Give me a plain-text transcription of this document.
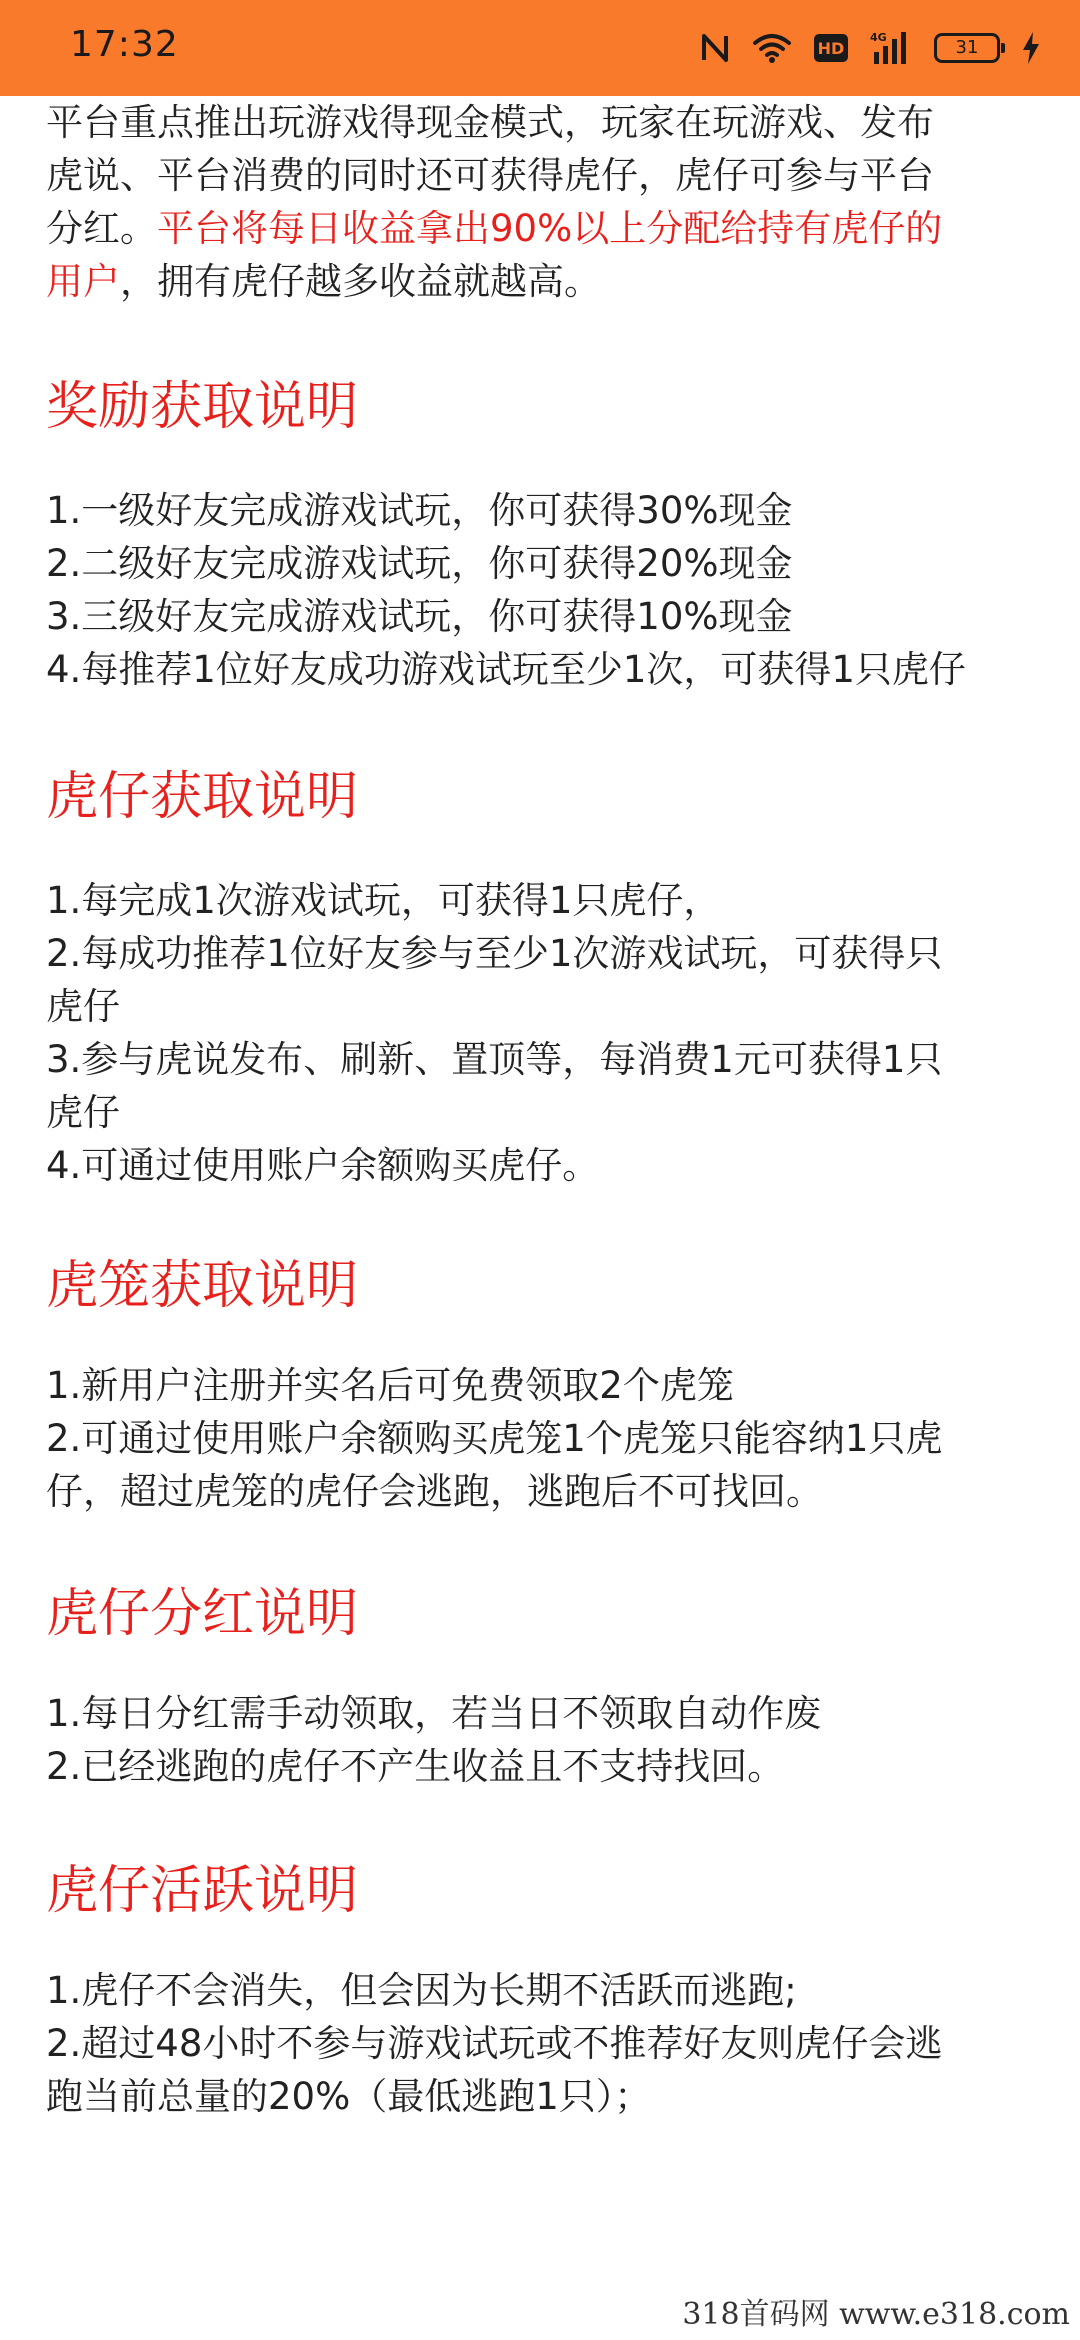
17:32	HD
4G	31

平台重点推出玩游戏得现金模式，玩家在玩游戏、发布

虎说、平台消费的同时还可获得虎仔，虎仔可参与平台

分红。平台将每日收益拿出90%以上分配给持有虎仔的

用户，拥有虎仔越多收益就越高。

奖励获取说明

1.一级好友完成游戏试玩，你可获得30%现金

2.二级好友完成游戏试玩，你可获得20%现金

3.三级好友完成游戏试玩，你可获得10%现金

4.每推荐1位好友成功游戏试玩至少1次，可获得1只虎仔

虎仔获取说明

1.每完成1次游戏试玩，可获得1只虎仔，

2.每成功推荐1位好友参与至少1次游戏试玩，可获得只

虎仔

3.参与虎说发布、刷新、置顶等，每消费1元可获得1只

虎仔

4.可通过使用账户余额购买虎仔。

虎笼获取说明

1.新用户注册并实名后可免费领取2个虎笼

2.可通过使用账户余额购买虎笼1个虎笼只能容纳1只虎

仔，超过虎笼的虎仔会逃跑，逃跑后不可找回。

虎仔分红说明

1.每日分红需手动领取，若当日不领取自动作废

2.已经逃跑的虎仔不产生收益且不支持找回。

虎仔活跃说明

1.虎仔不会消失，但会因为长期不活跃而逃跑;

2.超过48小时不参与游戏试玩或不推荐好友则虎仔会逃

跑当前总量的20%（最低逃跑1只）；

318首码网 www.e318.com
